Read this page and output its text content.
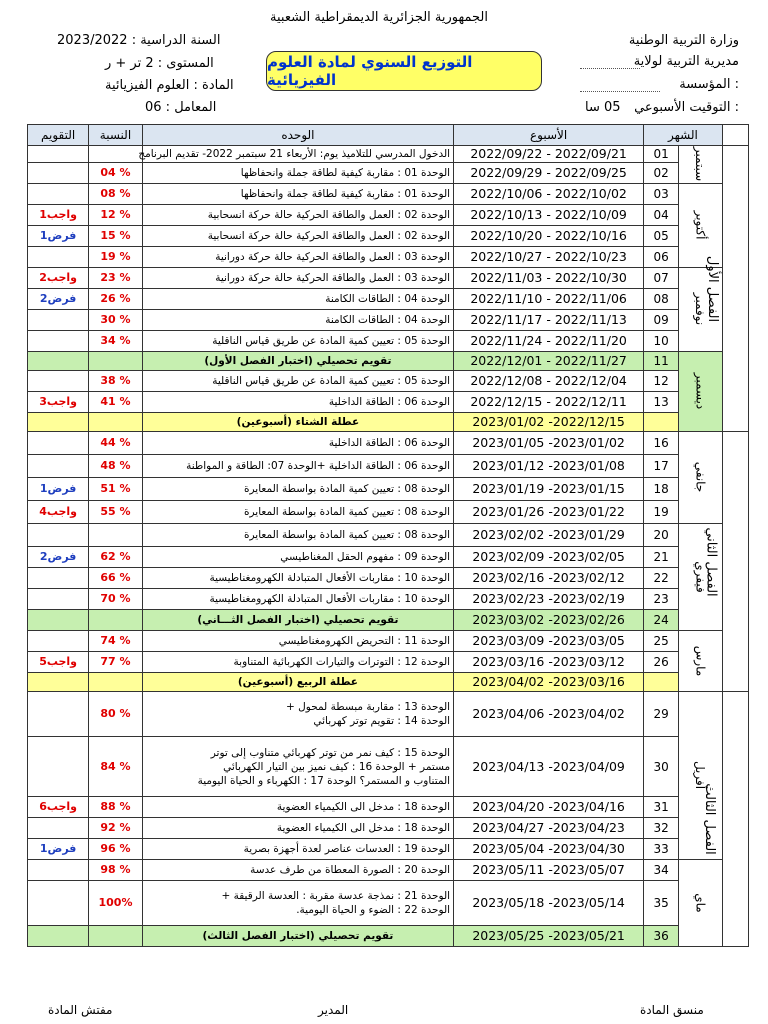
الجمهورية الجزائرية الديمقراطية الشعبية
وزارة التربية الوطنية
مديرية التربية لولاية
المؤسسة :
التوقيت الأسبوعي :
05 سا
السنة الدراسية : 2023/2022
المستوى : 2 تر + ر
المادة : العلوم الفيزيائية
المعامل : 06
التوزيع السنوي لمادة العلوم الفيزيائية
	الشهر		الأسبوع	الوحده	النسبة	التقويم
الفصل الأول	سبتمبر	01	2022/09/22 - 2022/09/21	الدخول المدرسي للتلاميذ يوم: الأربعاء 21 سبتمبر 2022- تقديم البرنامج		
		02	2022/09/29 - 2022/09/25	الوحدة 01 : مقاربة كيفية لطاقة جملة وانحفاظها	04 %	
	أكتوبر	03	2022/10/06 - 2022/10/02	الوحدة 01 : مقاربة كيفية لطاقة جملة وانحفاظها	08 %	
		04	2022/10/13 - 2022/10/09	الوحدة 02 : العمل والطاقة الحركية حالة حركة انسحابية	12 %	واجب1
		05	2022/10/20 - 2022/10/16	الوحدة 02 : العمل والطاقة الحركية حالة حركة انسحابية	15 %	فرض1
		06	2022/10/27 - 2022/10/23	الوحدة 03 : العمل والطاقة الحركية حالة حركة دورانية	19 %	
	نوفمبر	07	2022/11/03 - 2022/10/30	الوحدة 03 : العمل والطاقة الحركية حالة حركة دورانية	23 %	واجب2
		08	2022/11/10 - 2022/11/06	الوحدة 04 : الطاقات الكامنة	26 %	فرض2
		09	2022/11/17 - 2022/11/13	الوحدة 04 : الطاقات الكامنة	30 %	
		10	2022/11/24 - 2022/11/20	الوحدة 05 : تعيين كمية المادة عن طريق قياس الناقلية	34 %	
	ديسمبر	11	2022/12/01 - 2022/11/27	تقويم تحصيلي (اختبار الفصل الأول)		
		12	2022/12/08 - 2022/12/04	الوحدة 05 : تعيين كمية المادة عن طريق قياس الناقلية	38 %	
		13	2022/12/15 - 2022/12/11	الوحدة 06 : الطاقة الداخلية	41 %	واجب3
			2023/01/02 -2022/12/15	عطلة الشتاء (أسبوعين)		
الفصل الثاني	جانفي	16	2023/01/05 -2023/01/02	الوحدة 06 : الطاقة الداخلية	44 %	
		17	2023/01/12 -2023/01/08	الوحدة 06 : الطاقة الداخلية +الوحدة 07: الطاقة و المواطنة	48 %	
		18	2023/01/19 -2023/01/15	الوحدة 08 : تعيين كمية المادة بواسطة المعايرة	51 %	فرض1
		19	2023/01/26 -2023/01/22	الوحدة 08 : تعيين كمية المادة بواسطة المعايرة	55 %	واجب4
	فيفري	20	2023/02/02 -2023/01/29	الوحدة 08 : تعيين كمية المادة بواسطة المعايرة		
		21	2023/02/09 -2023/02/05	الوحدة 09 : مفهوم الحقل المغناطيسي	62 %	فرض2
		22	2023/02/16 -2023/02/12	الوحدة 10 : مقاربات الأفعال المتبادلة الكهرومغناطيسية	66 %	
		23	2023/02/23 -2023/02/19	الوحدة 10 : مقاربات الأفعال المتبادلة الكهرومغناطيسية	70 %	
		24	2023/03/02 -2023/02/26	تقويم تحصيلي (اختبار الفصل الثـــاني)		
	مارس	25	2023/03/09 -2023/03/05	الوحدة 11 : التحريض الكهرومغناطيسي	74 %	
		26	2023/03/16 -2023/03/12	الوحدة 12 : التوترات والتيارات الكهربائية المتناوبة	77 %	واجب5
			2023/04/02 -2023/03/16	عطلة الربيع (أسبوعين)		
الفصل الثالث	أفريل	29	2023/04/06 -2023/04/02	الوحدة 13 : مقاربة مبسطة لمحول +
الوحدة 14 : تقويم توتر كهربائي	80 %	
		30	2023/04/13 -2023/04/09	الوحدة 15 : كيف نمر من توتر كهربائي متناوب إلى توتر
مستمر + الوحدة 16 : كيف نميز بين التيار الكهربائي
المتناوب و المستمر؟ الوحدة 17 : الكهرباء و الحياة اليومية	84 %	
		31	2023/04/20 -2023/04/16	الوحدة 18 : مدخل الى الكيمياء العضوية	88 %	واجب6
		32	2023/04/27 -2023/04/23	الوحدة 18 : مدخل الى الكيمياء العضوية	92 %	
		33	2023/05/04 -2023/04/30	الوحدة 19 : العدسات عناصر لعدة أجهزة بصرية	96 %	فرض1
	ماي	34	2023/05/11 -2023/05/07	الوحدة 20 : الصورة المعطاة من طرف عدسة	98 %	
		35	2023/05/18 -2023/05/14	الوحدة 21 : نمذجة عدسة مقربة : العدسة الرقيقة +
الوحدة 22 : الضوء و الحياة اليومية.	100%	
		36	2023/05/25 -2023/05/21	تقويم تحصيلي (اختبار الفصل الثالث)		
منسق المادة
المدير
مفتش المادة
